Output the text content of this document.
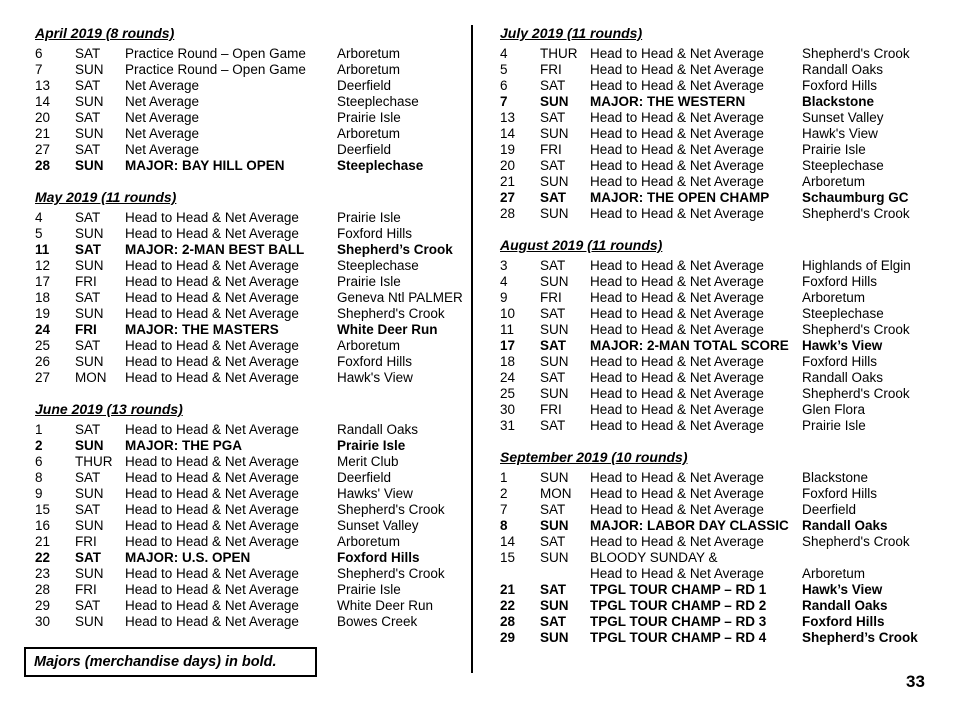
April 2019 (8 rounds)
6	SAT	Practice Round – Open Game	Arboretum
7	SUN	Practice Round – Open Game	Arboretum
13	SAT	Net Average	Deerfield
14	SUN	Net Average	Steeplechase
20	SAT	Net Average	Prairie Isle
21	SUN	Net Average	Arboretum
27	SAT	Net Average	Deerfield
28	SUN	MAJOR: BAY HILL OPEN	Steeplechase
May 2019 (11 rounds)
4	SAT	Head to Head & Net Average	Prairie Isle
5	SUN	Head to Head & Net Average	Foxford Hills
11	SAT	MAJOR: 2-MAN BEST BALL	Shepherd’s Crook
12	SUN	Head to Head & Net Average	Steeplechase
17	FRI	Head to Head & Net Average	Prairie Isle
18	SAT	Head to Head & Net Average	Geneva Ntl PALMER
19	SUN	Head to Head & Net Average	Shepherd's Crook
24	FRI	MAJOR: THE MASTERS	White Deer Run
25	SAT	Head to Head & Net Average	Arboretum
26	SUN	Head to Head & Net Average	Foxford Hills
27	MON	Head to Head & Net Average	Hawk's View
June 2019 (13 rounds)
1	SAT	Head to Head & Net Average	Randall Oaks
2	SUN	MAJOR: THE PGA	Prairie Isle
6	THUR Head to Head & Net Average	Merit Club
8	SAT	Head to Head & Net Average	Deerfield
9	SUN	Head to Head & Net Average	Hawks' View
15	SAT	Head to Head & Net Average	Shepherd's Crook
16	SUN	Head to Head & Net Average	Sunset Valley
21	FRI	Head to Head & Net Average	Arboretum
22	SAT	MAJOR: U.S. OPEN	Foxford Hills
23	SUN	Head to Head & Net Average	Shepherd's Crook
28	FRI	Head to Head & Net Average	Prairie Isle
29	SAT	Head to Head & Net Average	White Deer Run
30	SUN	Head to Head & Net Average	Bowes Creek
July 2019 (11 rounds)
4	THUR Head to Head & Net Average	Shepherd's Crook
5	FRI	Head to Head & Net Average	Randall Oaks
6	SAT	Head to Head & Net Average	Foxford Hills
7	SUN	MAJOR: THE WESTERN	Blackstone
13	SAT	Head to Head & Net Average	Sunset Valley
14	SUN	Head to Head & Net Average	Hawk's View
19	FRI	Head to Head & Net Average	Prairie Isle
20	SAT	Head to Head & Net Average	Steeplechase
21	SUN	Head to Head & Net Average	Arboretum
27	SAT	MAJOR: THE OPEN CHAMP	Schaumburg GC
28	SUN	Head to Head & Net Average	Shepherd's Crook
August 2019 (11 rounds)
3	SAT	Head to Head & Net Average	Highlands of Elgin
4	SUN	Head to Head & Net Average	Foxford Hills
9	FRI	Head to Head & Net Average	Arboretum
10	SAT	Head to Head & Net Average	Steeplechase
11	SUN	Head to Head & Net Average	Shepherd's Crook
17	SAT	MAJOR: 2-MAN TOTAL SCORE Hawk’s View
18	SUN	Head to Head & Net Average	Foxford Hills
24	SAT	Head to Head & Net Average	Randall Oaks
25	SUN	Head to Head & Net Average	Shepherd's Crook
30	FRI	Head to Head & Net Average	Glen Flora
31	SAT	Head to Head & Net Average	Prairie Isle
September 2019 (10 rounds)
1	SUN	Head to Head & Net Average	Blackstone
2	MON	Head to Head & Net Average	Foxford Hills
7	SAT	Head to Head & Net Average	Deerfield
8	SUN	MAJOR: LABOR DAY CLASSIC Randall Oaks
14	SAT	Head to Head & Net Average	Shepherd's Crook
15	SUN	BLOODY SUNDAY &
Head to Head & Net Average	Arboretum
21	SAT	TPGL TOUR CHAMP – RD 1	Hawk’s View
22	SUN	TPGL TOUR CHAMP – RD 2	Randall Oaks
28	SAT	TPGL TOUR CHAMP – RD 3	Foxford Hills
29	SUN	TPGL TOUR CHAMP – RD 4	Shepherd’s Crook
Majors (merchandise days) in bold.
33
